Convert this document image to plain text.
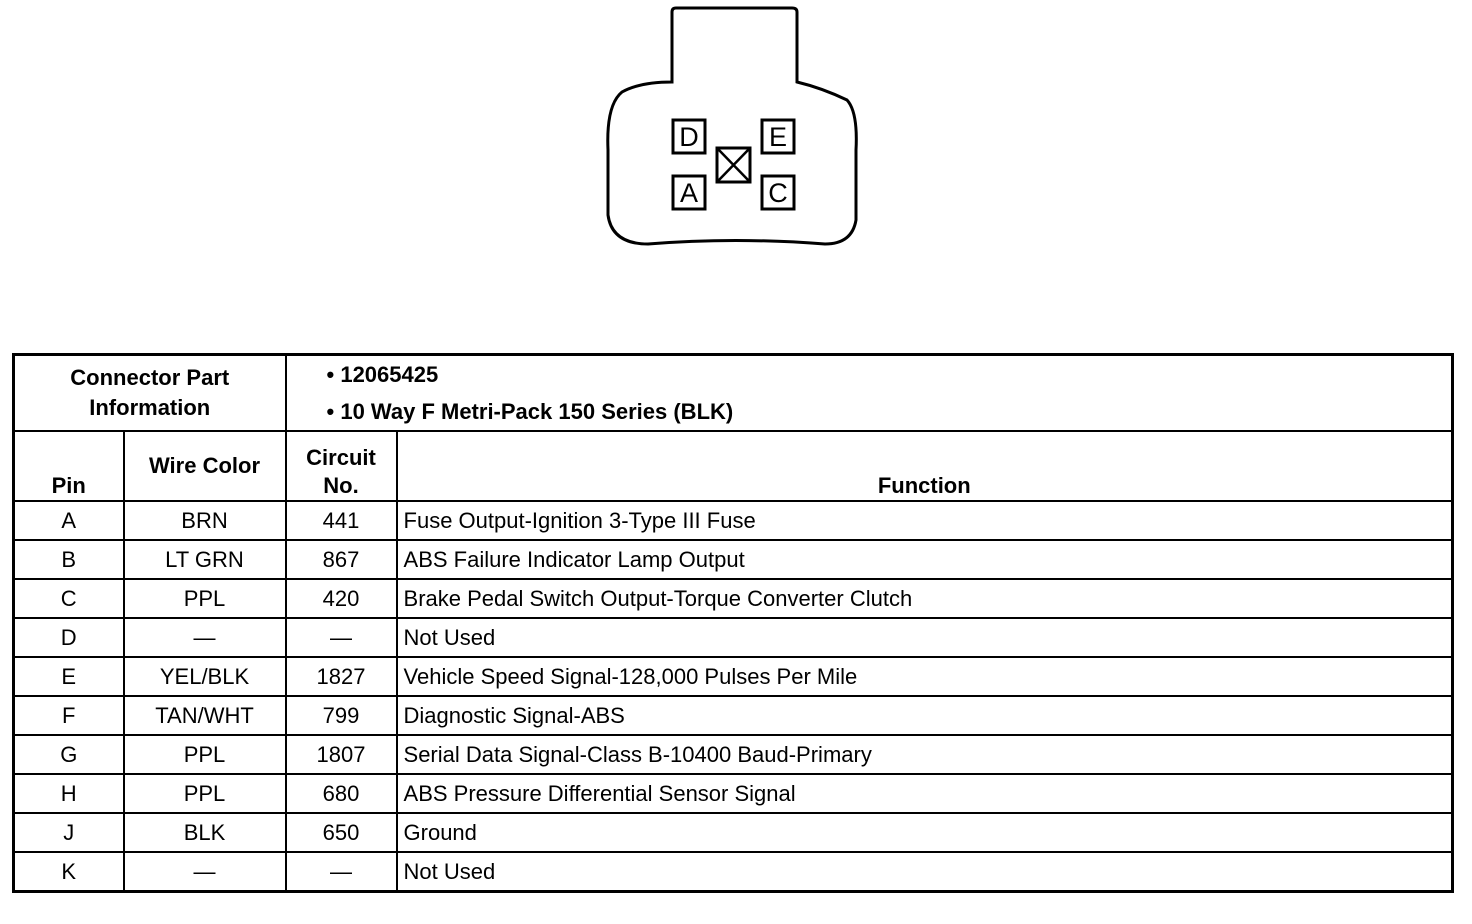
D	E
A	C
Connector Part Information		• 12065425
• 10 Way F Metri-Pack 150 Series (BLK)	

Pin	Wire Color	Circuit No.	Function
A	BRN	441	Fuse Output-Ignition 3-Type III Fuse
B	LT GRN	867	ABS Failure Indicator Lamp Output
C	PPL	420	Brake Pedal Switch Output-Torque Converter Clutch
D	—	—	Not Used
E	YEL/BLK	1827	Vehicle Speed Signal-128,000 Pulses Per Mile
F	TAN/WHT	799	Diagnostic Signal-ABS
G	PPL	1807	Serial Data Signal-Class B-10400 Baud-Primary
H	PPL	680	ABS Pressure Differential Sensor Signal
J	BLK	650	Ground
K	—	—	Not Used
